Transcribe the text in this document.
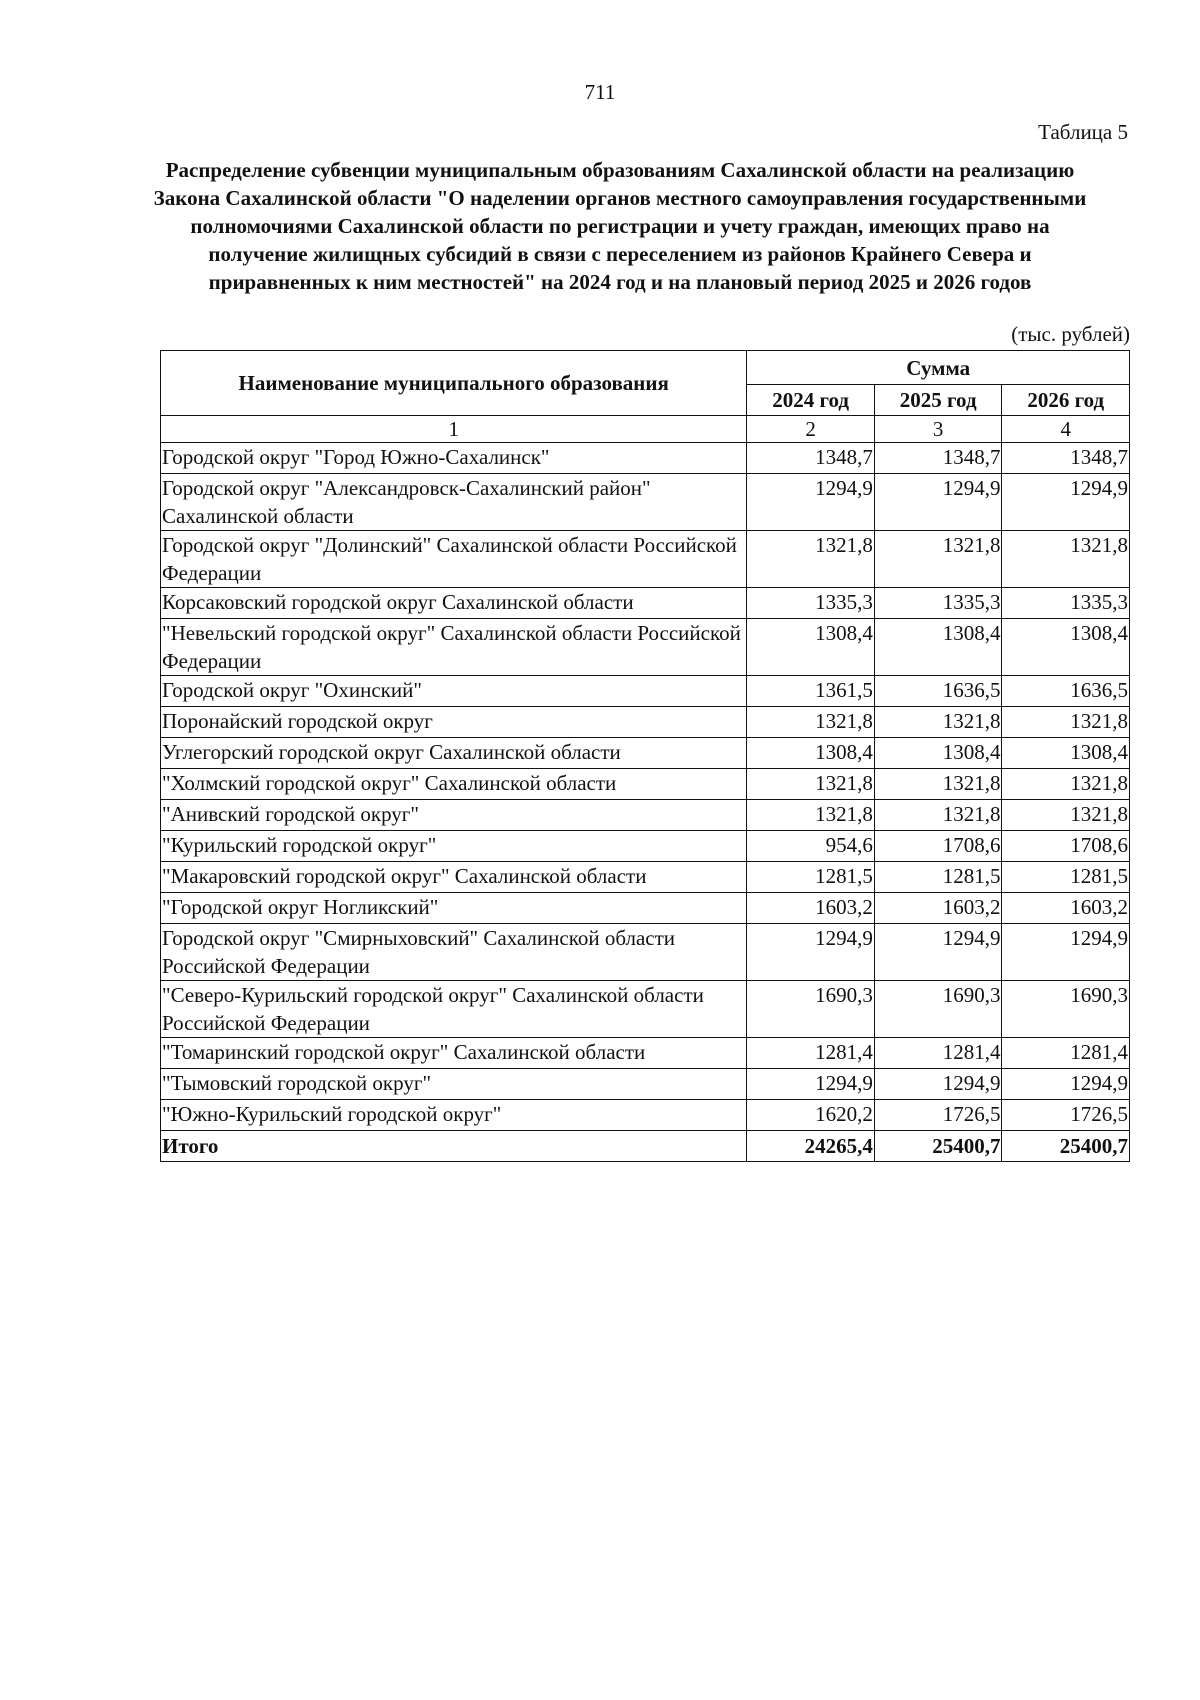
711
Таблица 5
Распределение субвенции муниципальным образованиям Сахалинской области на реализацию Закона Сахалинской области "О наделении органов местного самоуправления государственными полномочиями Сахалинской области по регистрации и учету граждан, имеющих право на получение жилищных субсидий в связи с переселением из районов Крайнего Севера и приравненных к ним местностей" на 2024 год и на плановый период 2025 и 2026 годов
(тыс. рублей)
Наименование муниципального образования	Сумма		
	2024 год	2025 год	2026 год
1	2	3	4
Городской округ "Город Южно-Сахалинск"	1348,7	1348,7	1348,7
Городской округ "Александровск-Сахалинский район" Сахалинской области	1294,9	1294,9	1294,9
Городской округ "Долинский" Сахалинской области Российской Федерации	1321,8	1321,8	1321,8
Корсаковский городской округ Сахалинской области	1335,3	1335,3	1335,3
"Невельский городской округ" Сахалинской области Российской Федерации	1308,4	1308,4	1308,4
Городской округ "Охинский"	1361,5	1636,5	1636,5
Поронайский городской округ	1321,8	1321,8	1321,8
Углегорский городской округ Сахалинской области	1308,4	1308,4	1308,4
"Холмский городской округ" Сахалинской области	1321,8	1321,8	1321,8
"Анивский городской округ"	1321,8	1321,8	1321,8
"Курильский городской округ"	954,6	1708,6	1708,6
"Макаровский городской округ" Сахалинской области	1281,5	1281,5	1281,5
"Городской округ Ногликский"	1603,2	1603,2	1603,2
Городской округ "Смирныховский" Сахалинской области Российской Федерации	1294,9	1294,9	1294,9
"Северо-Курильский городской округ" Сахалинской области Российской Федерации	1690,3	1690,3	1690,3
"Томаринский городской округ" Сахалинской области	1281,4	1281,4	1281,4
"Тымовский городской округ"	1294,9	1294,9	1294,9
"Южно-Курильский городской округ"	1620,2	1726,5	1726,5
Итого	24265,4	25400,7	25400,7
